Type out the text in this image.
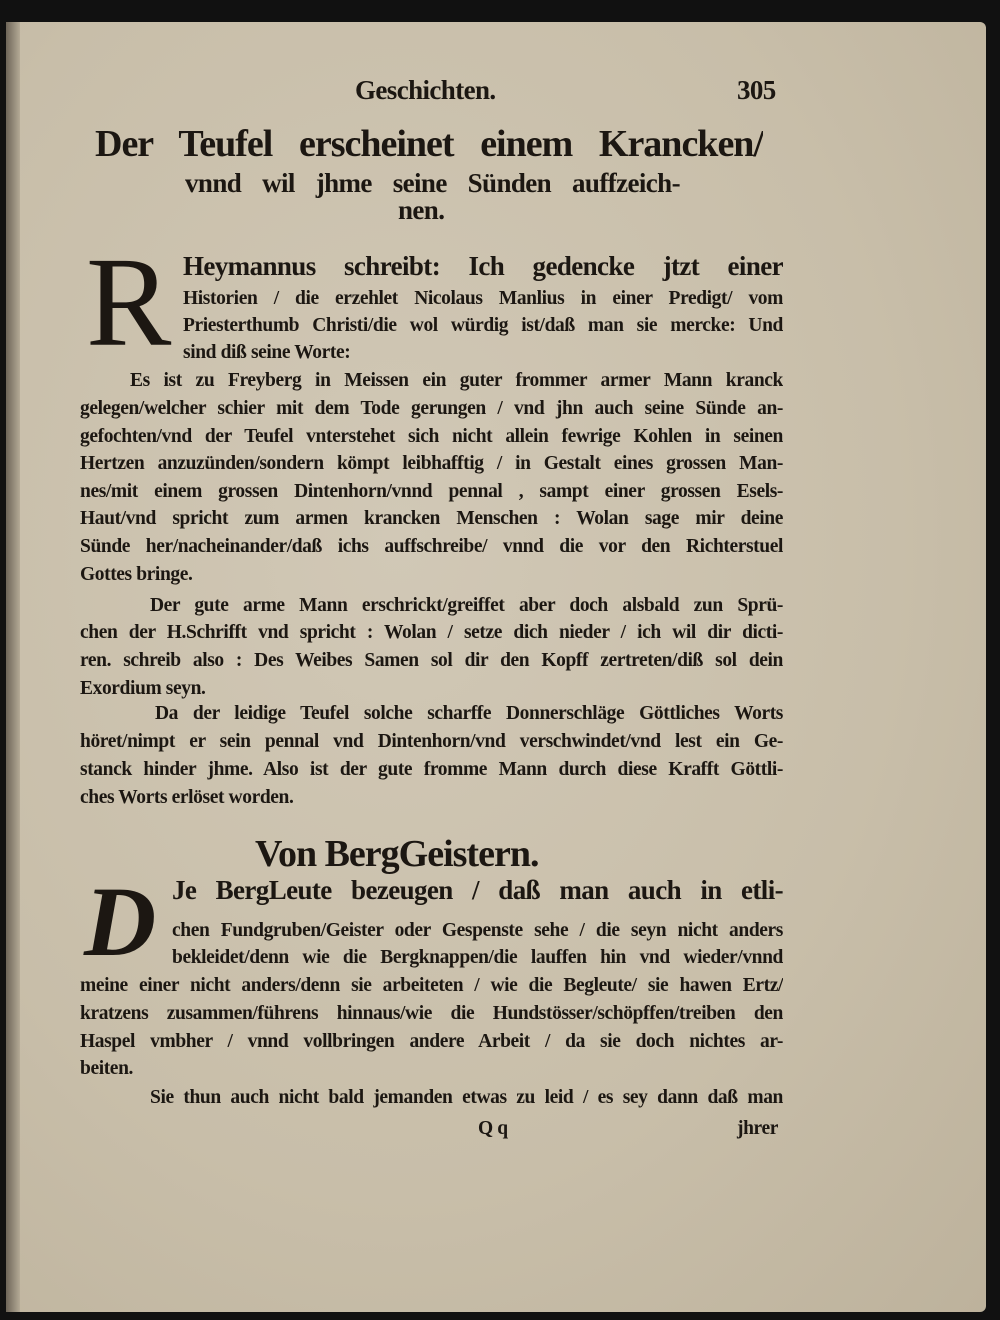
Geschichten.	305
Der Teufel erscheinet einem Krancken/
vnnd wil jhme seine Sünden auffzeich-
nen.
R Heymannus schreibt: Ich gedencke jtzt einer
Historien / die erzehlet Nicolaus Manlius in einer Predigt/ vom
Priesterthumb Christi/die wol würdig ist/daß man sie mercke: Und
sind diß seine Worte:
Es ist zu Freyberg in Meissen ein guter frommer armer Mann kranck
gelegen/welcher schier mit dem Tode gerungen / vnd jhn auch seine Sünde an-
gefochten/vnd der Teufel vnterstehet sich nicht allein fewrige Kohlen in seinen
Hertzen anzuzünden/sondern kömpt leibhafftig / in Gestalt eines grossen Man-
nes/mit einem grossen Dintenhorn/vnnd pennal , sampt einer grossen Esels-
Haut/vnd spricht zum armen krancken Menschen : Wolan sage mir deine
Sünde her/nacheinander/daß ichs auffschreibe/ vnnd die vor den Richterstuel
Gottes bringe.
Der gute arme Mann erschrickt/greiffet aber doch alsbald zun Sprü-
chen der H.Schrifft vnd spricht : Wolan / setze dich nieder / ich wil dir dicti-
ren. schreib also : Des Weibes Samen sol dir den Kopff zertreten/diß sol dein
Exordium seyn.
Da der leidige Teufel solche scharffe Donnerschläge Göttliches Worts
höret/nimpt er sein pennal vnd Dintenhorn/vnd verschwindet/vnd lest ein Ge-
stanck hinder jhme. Also ist der gute fromme Mann durch diese Krafft Göttli-
ches Worts erlöset worden.
Von BergGeistern.
D Je BergLeute bezeugen / daß man auch in etli-
chen Fundgruben/Geister oder Gespenste sehe / die seyn nicht anders
bekleidet/denn wie die Bergknappen/die lauffen hin vnd wieder/vnnd
meine einer nicht anders/denn sie arbeiteten / wie die Begleute/ sie hawen Ertz/
kratzens zusammen/führens hinnaus/wie die Hundstösser/schöpffen/treiben den
Haspel vmbher / vnnd vollbringen andere Arbeit / da sie doch nichtes ar-
beiten.
Sie thun auch nicht bald jemanden etwas zu leid / es sey dann daß man
Q q	jhrer
